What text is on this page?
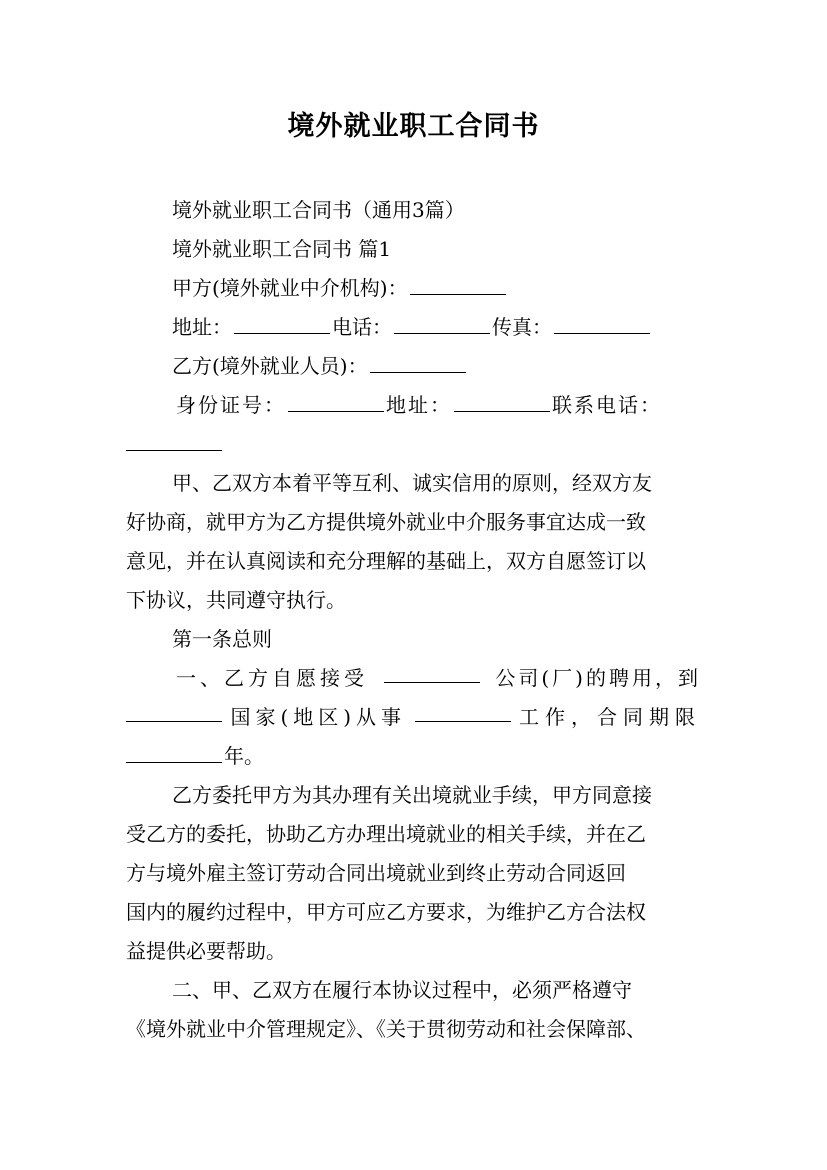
境外就业职工合同书
境外就业职工合同书（通用3篇）
境外就业职工合同书 篇1
甲方(境外就业中介机构)：
地址：	电话：	传真：
乙方(境外就业人员)：
身份证号：	地址：	联系电话：
甲、乙双方本着平等互利、诚实信用的原则，经双方友
好协商，就甲方为乙方提供境外就业中介服务事宜达成一致
意见，并在认真阅读和充分理解的基础上，双方自愿签订以
下协议，共同遵守执行。
第一条总则
一、乙方自愿接受	公司(厂)的聘用，到
国家(地区)从事	工作，合同期限
年。
乙方委托甲方为其办理有关出境就业手续，甲方同意接
受乙方的委托，协助乙方办理出境就业的相关手续，并在乙
方与境外雇主签订劳动合同出境就业到终止劳动合同返回
国内的履约过程中，甲方可应乙方要求，为维护乙方合法权
益提供必要帮助。
二、甲、乙双方在履行本协议过程中，必须严格遵守
《境外就业中介管理规定》、《关于贯彻劳动和社会保障部、
